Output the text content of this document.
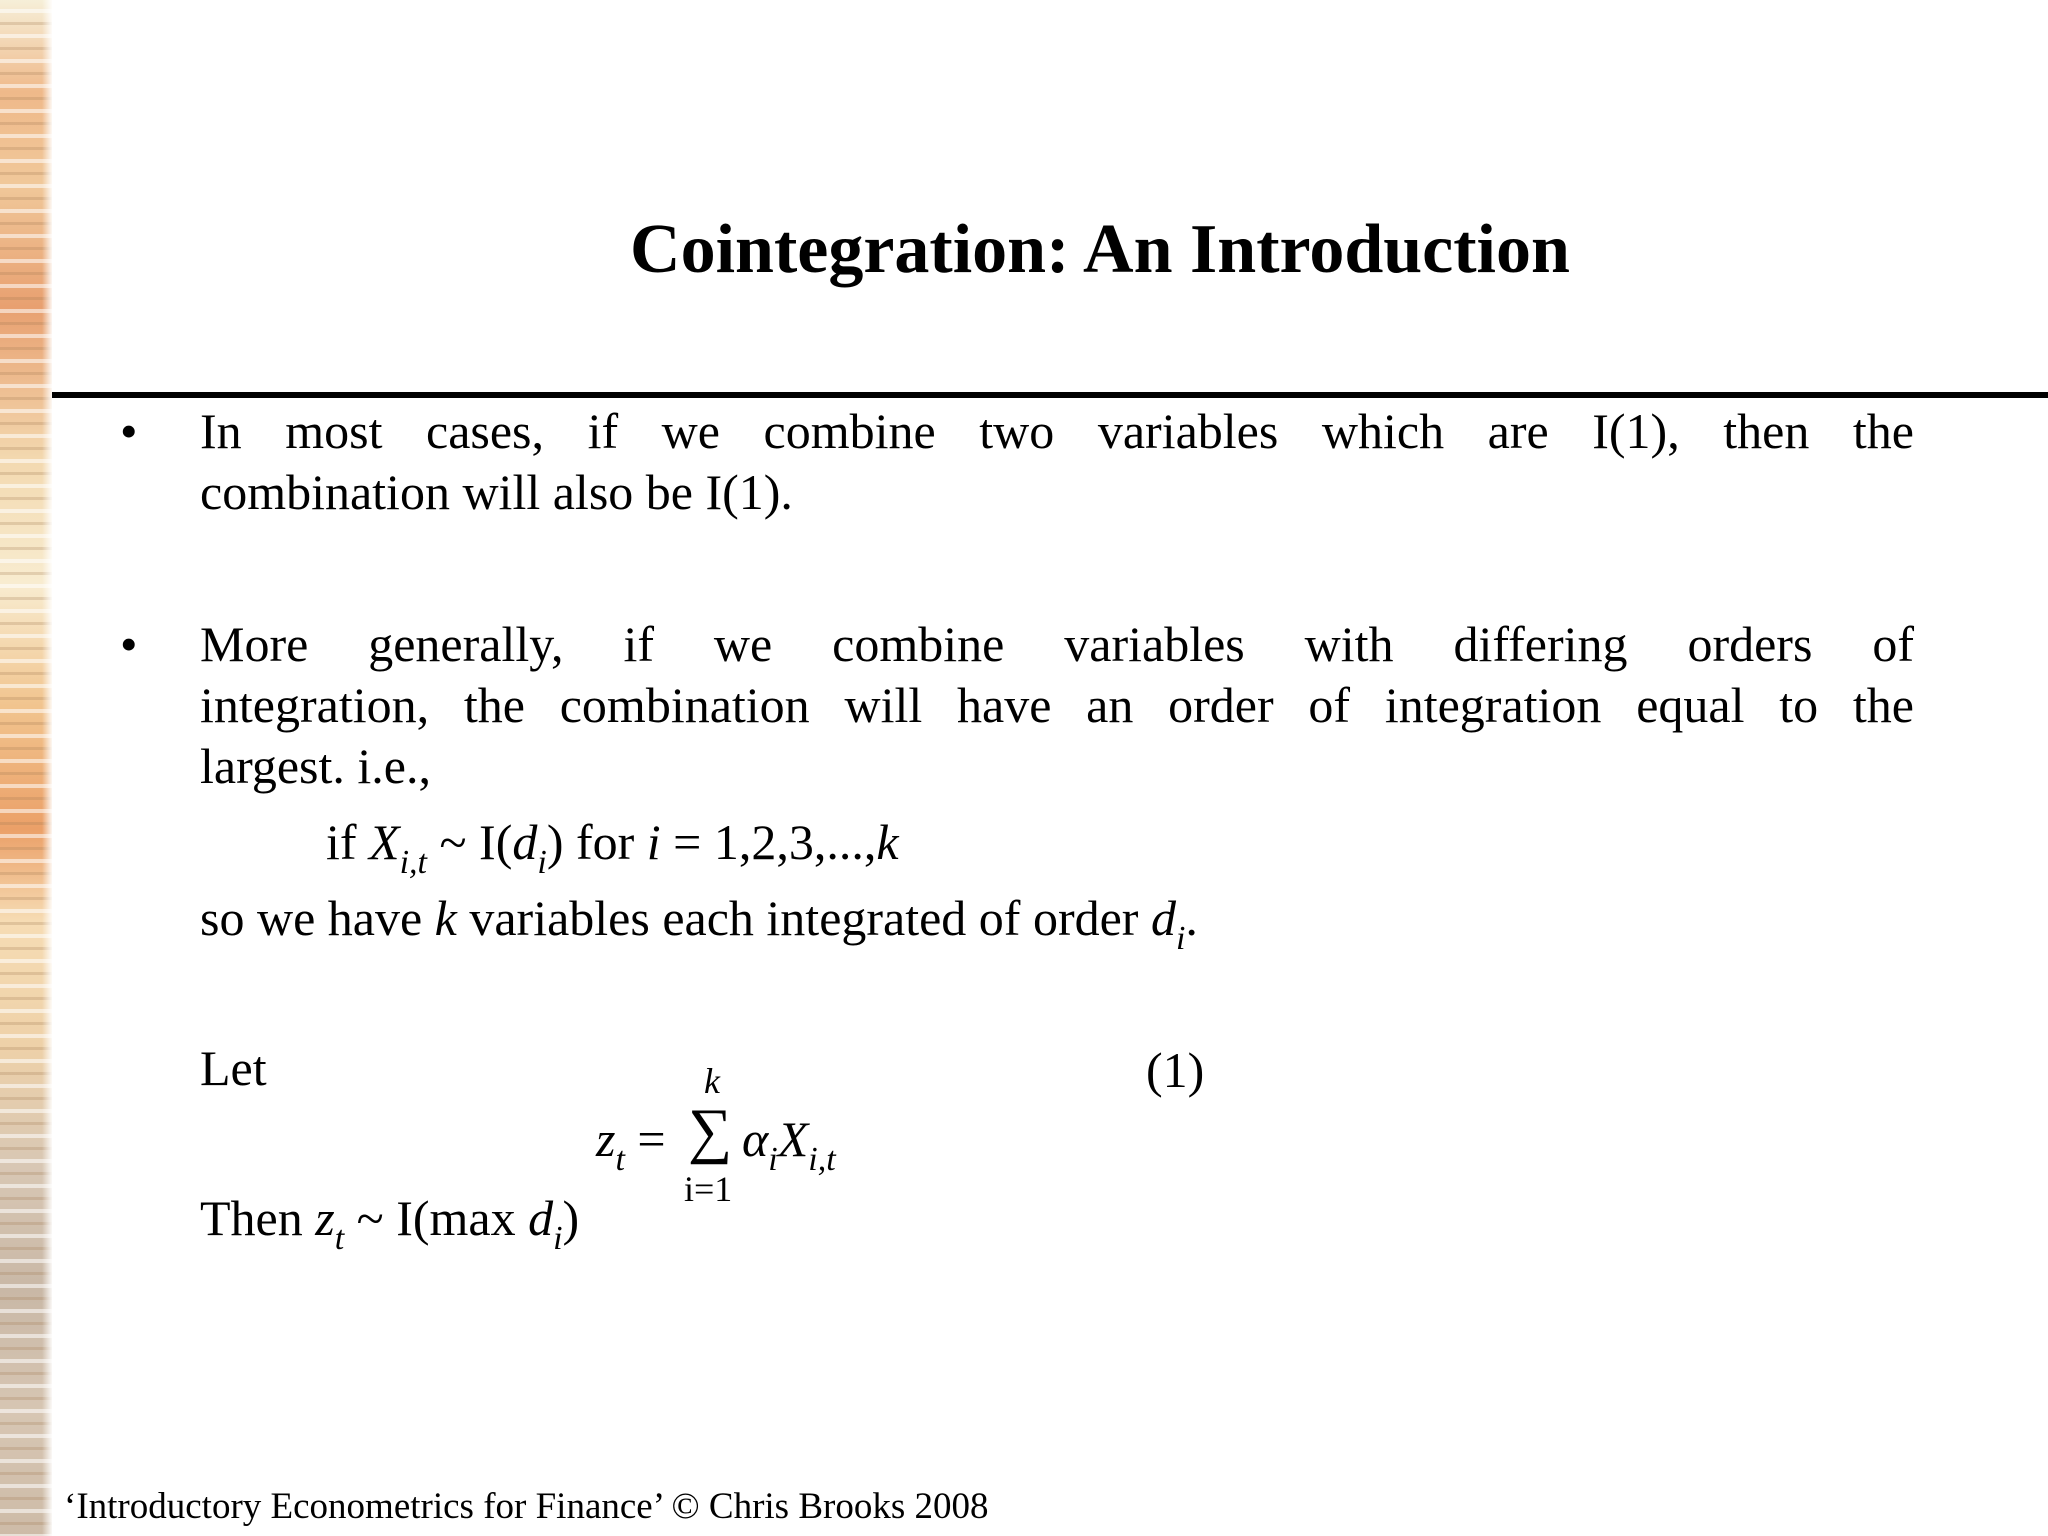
Cointegration: An Introduction
• In most cases, if we combine two variables which are I(1), then the
combination will also be I(1).
• More generally, if we combine variables with differing orders of
integration, the combination will have an order of integration equal to the
largest. i.e.,
if $X_{i,t}$ ~ $I(d_i)$ for i = 1,2,3,...,k
so we have k variables each integrated of order $d_i$.
Let	(1)
k
$z_t$ = ∑ $\alpha_iX_{i,t}$
i=1
Then $z_t$ ~ I(max $d_i$)
‘Introductory Econometrics for Finance’ © Chris Brooks 2008
